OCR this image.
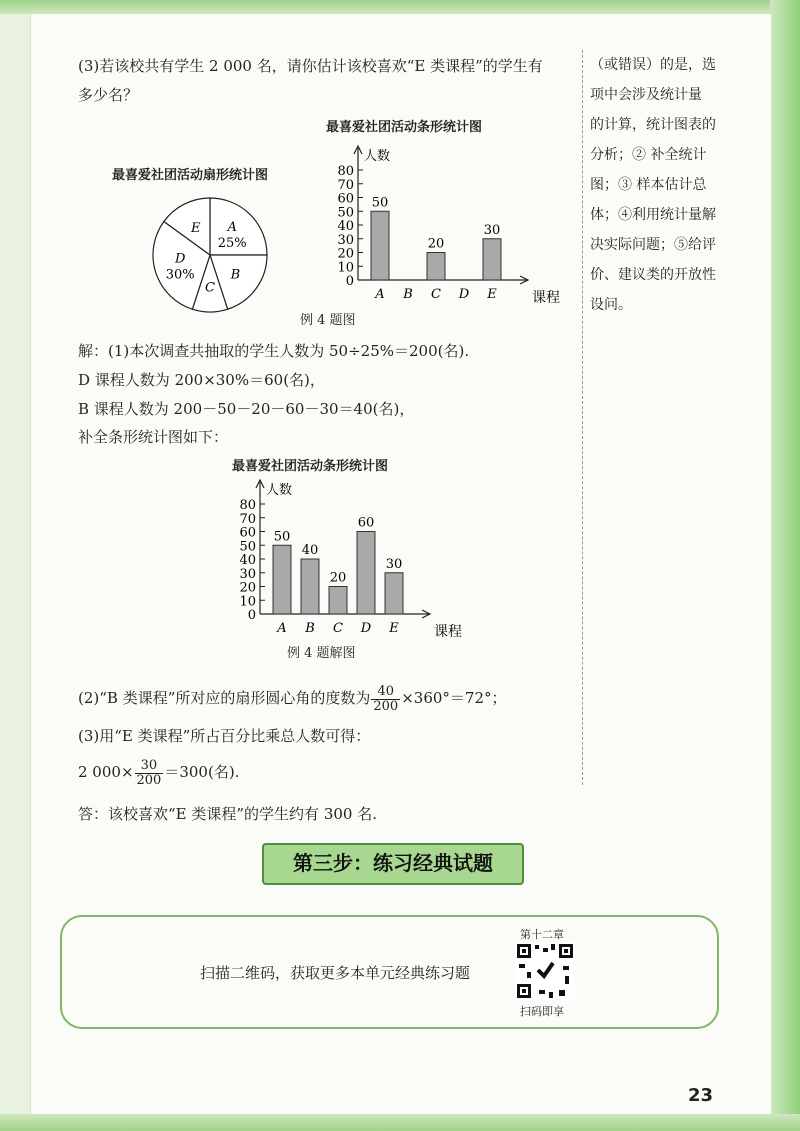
(3)若该校共有学生 2 000 名，请你估计该校喜欢“E 类课程”的学生有
多少名？
（或错误）的是，选
项中会涉及统计量
的计算，统计图表的
分析；② 补全统计
图；③ 样本估计总
体；④利用统计量解
决实际问题；⑤给评
价、建议类的开放性
设问。
最喜爱社团活动扇形统计图
A
25%
B
C
D
30%
E
最喜爱社团活动条形统计图
人数
课程
0
10
20
30
40
50
60
70
80
A
50
B C
20
D E
30
例 4 题图
解：(1)本次调查共抽取的学生人数为 50÷25%＝200(名).
D 课程人数为 200×30%＝60(名)，
B 课程人数为 200－50－20－60－30＝40(名)，
补全条形统计图如下：
最喜爱社团活动条形统计图
人数
课程
0
10
20
30
40
50
60
70
80
A
50
B
40
C
20
D
60
E
30
例 4 题解图
(2)“B 类课程”所对应的扇形圆心角的度数为 $\frac{40}{200} \times 360^\circ=72^\circ$；
(3)用“E 类课程”所占百分比乘总人数可得：
2 $000\times \frac{30}{200} =300$(名).
答：该校喜欢“E 类课程”的学生约有 300 名.
第三步：练习经典试题
扫描二维码，获取更多本单元经典练习题
第十二章
扫码即享
23
